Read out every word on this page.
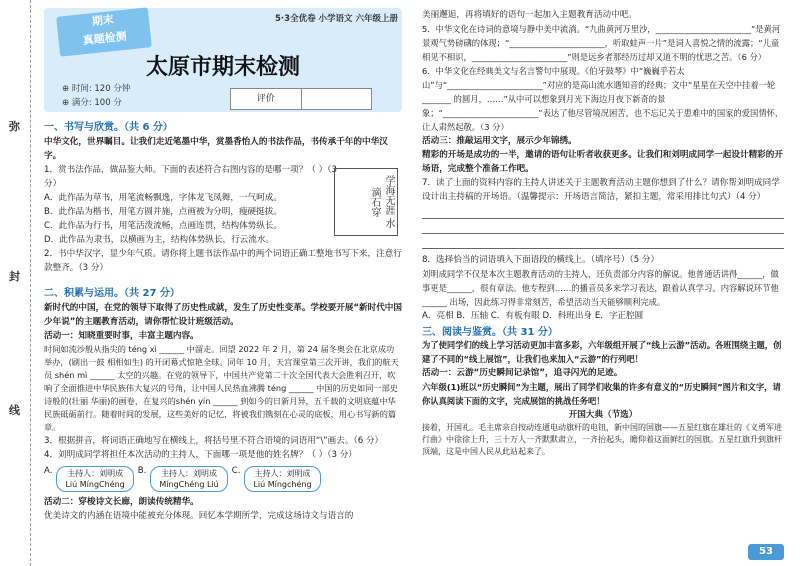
弥
封
线
期末
真题检测
5·3全优卷 小学语文 六年级上册
太原市期末检测
⊕ 时间: 120 分钟
⊕ 满分: 100 分	评价
一、书写与欣赏。（共 6 分）

中华文化，世界瞩目。让我们走近笔墨中华，赏墨香怡人的书法作品，书传承千年的中华汉字。

1．赏书法作品，做品鉴大师。下面的表述符合右图内容的是哪一项？（ ）（3 分）

A．此作品为草书，用笔流畅飘逸，字体龙飞凤舞，一气呵成。

B．此作品为楷书，用笔方圆并施，点画被为分明，瘦硬挺拔。

C．此作品为行书，用笔活泼流畅，点画连贯，结构体势纵长。

D．此作品为隶书，以横画为主，结构体势纵长，行云流水。

2．书中华汉字，显少年气质。请你将上题书法作品中的两个词语正确工整地书写下来，注意行款整齐。（3 分）

学海无涯 水滴石穿
二、积累与运用。（共 27 分）

新时代的中国，在党的领导下取得了历史性成就，发生了历史性变革。学校要开展“新时代中国少年说”的主题教育活动，请你帮忙设计班级活动。

活动一：知晓重要时事，丰富主题内容。

时间如流沙般从指尖的 téng xì ______ 中溜走。回望 2022 年 2 月，第 24 届冬奥会在北京成功举办，(刷出一鼓 相相如生) 的开闭幕式惊艳全球。同年 10 月，天宫课堂第三次开讲，我们的航天员 shén mì ______ 太空的兴趣。在党的领导下，中国共产党第二十次全国代表大会胜利召开，吹响了全面推进中华民族伟大复兴的号角，让中国人民热血沸腾 téng ______ 中国的历史如同一部史诗般的(壮丽 华丽)的画卷，在复兴的shén yín ______ 到如今的日新月异，五千载的文明底蕴中华民族砥砺前行。随着时间的发展，这些美好的记忆，将被我们镌刻在心灵的底板，用心书写新的篇章。

3．根据拼音，将词语正确地写在横线上，将括号里不符合语境的词语用“\”画去。（6 分）

4．刘明成同学将担任本次活动的主持人，下面哪一项是他的姓名牌？（ ）（3 分）

A.	主持人：刘明成
Liú MíngChéng
B.	主持人：刘明成
MíngChéng Liú
C.	主持人：刘明成
Liú Míngchéng

活动二：穿梭诗文长廊，朗读传统精华。

优美诗文的内涵在语境中能被充分体现。回忆本学期所学，完成这场诗文与语言的

美丽邂逅，再将填好的语句一起加入主题教育活动中吧。

5．中华文化在诗词的意境与静中美中流淌。“九曲黄河万里沙，_______________________”是黄河景观气势磅礴的体现；“_______________________，听取蛙声一片”是词人喜悦之情的流露；“儿童相见不相识，_______________________”则是远乡者那经历过却又道不明的忧思之苦。（6 分）

6．中华文化在经典美文与名言警句中展现。《伯牙鼓琴》中“巍巍乎若太山”与“_______________________”对应的是高山流水遇知音的经典；文中“星星在天空中挂着一轮_______ 的圆月，……”从中可以想象到月光下海边月夜下新奇的景象；“_______________________”表达了他尽管境况困苦，也不忘记关于患难中的国家的爱国情怀，让人肃然起敬。（3 分）

活动三：推敲运用文字，展示少年锦绣。

精彩的开场是成功的一半，邀请的语句让听者收获更多。让我们和刘明成同学一起设计精彩的开场语，完成整个准备工作吧。

7．读了上面的资料内容的主持人讲述关于主题教育活动主题你想到了什么？请你帮刘明成同学设计出主持稿的开场语。（温馨提示：开场语言简洁，紧扣主题，常采用排比句式）（4 分）

8．选择恰当的词语填入下面语段的横线上。（填序号）（5 分）

刘明成同学不仅是本次主题教育活动的主持人，还负责部分内容的解说。他普通话讲得______，做事更是______，很有章法。他专程到……的播音员多来学习表达，跟着认真学习。内容解说环节他______ 出场，因此练习得非常刻苦，希望活动当天能够顺利完成。

A．亮相 B．压轴 C．有板有眼 D．科班出身 E．字正腔圆

三、阅读与鉴赏。（共 31 分）

为了使同学们的线上学习活动更加丰富多彩，六年级组开展了“线上云游”活动。各班围绕主题，创建了不同的“线上展馆”，让我们也来加入“云游”的行列吧！

活动一：云游“历史瞬间记录馆”，追寻闪光的足迹。

六年级(1)班以“历史瞬间”为主题，展出了同学们收集的许多有意义的“历史瞬间”图片和文字，请你认真阅读下面的文字，完成展馆的挑战任务吧！

开国大典（节选）

接着，开国礼。毛主席亲自按动连通电动旗杆的电钮，新中国的国旗——五星红旗在雄壮的《义勇军进行曲》中徐徐上升，三十万人一齐默默肃立，一齐抬起头，瞻仰着这面鲜红的国旗。五星红旗升到旗杆顶端，这是中国人民从此站起来了。

53
